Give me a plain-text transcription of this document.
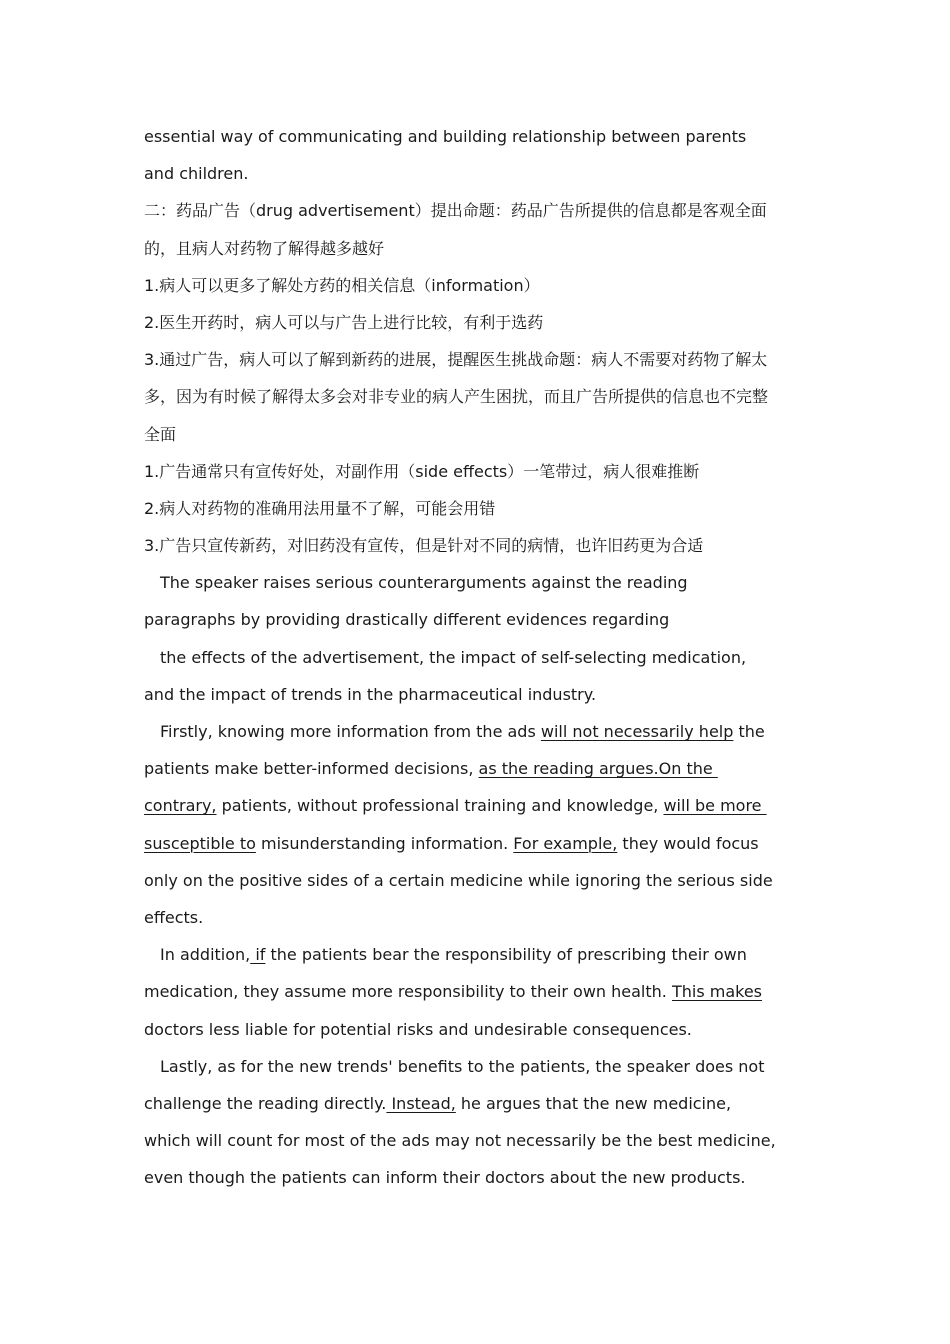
essential way of communicating and building relationship between parents
and children.
二：药品广告（drug advertisement）提出命题：药品广告所提供的信息都是客观全面
的，且病人对药物了解得越多越好
1.病人可以更多了解处方药的相关信息（information）
2.医生开药时，病人可以与广告上进行比较，有利于选药
3.通过广告，病人可以了解到新药的进展，提醒医生挑战命题：病人不需要对药物了解太
多，因为有时候了解得太多会对非专业的病人产生困扰，而且广告所提供的信息也不完整
全面
1.广告通常只有宣传好处，对副作用（side effects）一笔带过，病人很难推断
2.病人对药物的准确用法用量不了解，可能会用错
3.广告只宣传新药，对旧药没有宣传，但是针对不同的病情，也许旧药更为合适
The speaker raises serious counterarguments against the reading
paragraphs by providing drastically different evidences regarding
the effects of the advertisement, the impact of self-selecting medication,
and the impact of trends in the pharmaceutical industry.
Firstly, knowing more information from the ads will not necessarily help the
patients make better-informed decisions, as the reading argues.On the
contrary, patients, without professional training and knowledge, will be more
susceptible to misunderstanding information. For example, they would focus
only on the positive sides of a certain medicine while ignoring the serious side
effects.
In addition, if the patients bear the responsibility of prescribing their own
medication, they assume more responsibility to their own health. This makes
doctors less liable for potential risks and undesirable consequences.
Lastly, as for the new trends' benefits to the patients, the speaker does not
challenge the reading directly. Instead, he argues that the new medicine,
which will count for most of the ads may not necessarily be the best medicine,
even though the patients can inform their doctors about the new products.
